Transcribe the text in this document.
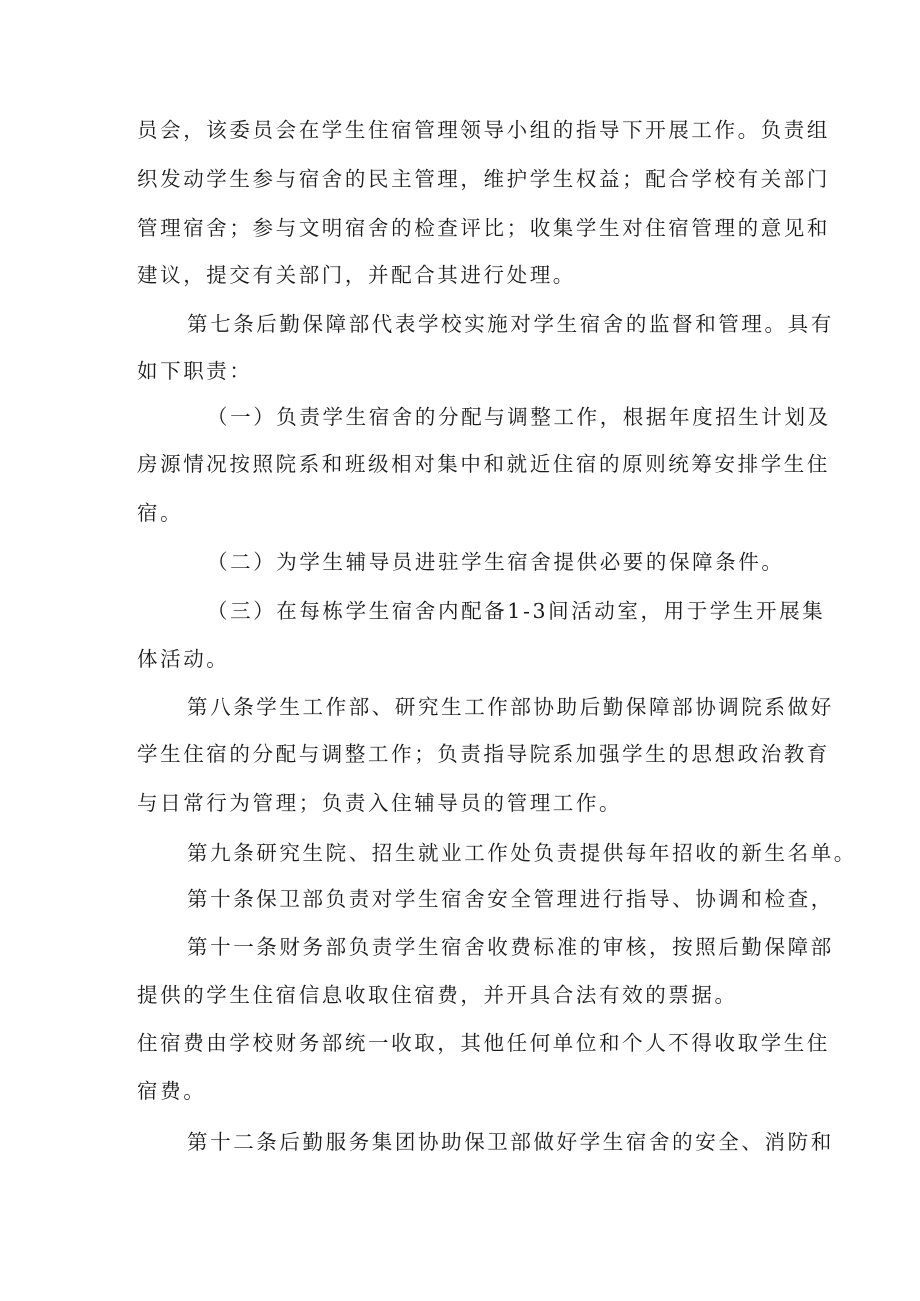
员会，该委员会在学生住宿管理领导小组的指导下开展工作。负责组
织发动学生参与宿舍的民主管理，维护学生权益；配合学校有关部门
管理宿舍；参与文明宿舍的检查评比；收集学生对住宿管理的意见和
建议，提交有关部门，并配合其进行处理。
第七条后勤保障部代表学校实施对学生宿舍的监督和管理。具有
如下职责：
（一）负责学生宿舍的分配与调整工作，根据年度招生计划及
房源情况按照院系和班级相对集中和就近住宿的原则统筹安排学生住
宿。
（二）为学生辅导员进驻学生宿舍提供必要的保障条件。
（三）在每栋学生宿舍内配备1-3间活动室，用于学生开展集
体活动。
第八条学生工作部、研究生工作部协助后勤保障部协调院系做好
学生住宿的分配与调整工作；负责指导院系加强学生的思想政治教育
与日常行为管理；负责入住辅导员的管理工作。
第九条研究生院、招生就业工作处负责提供每年招收的新生名单。
第十条保卫部负责对学生宿舍安全管理进行指导、协调和检查，
第十一条财务部负责学生宿舍收费标准的审核，按照后勤保障部
提供的学生住宿信息收取住宿费，并开具合法有效的票据。
住宿费由学校财务部统一收取，其他任何单位和个人不得收取学生住
宿费。
第十二条后勤服务集团协助保卫部做好学生宿舍的安全、消防和
